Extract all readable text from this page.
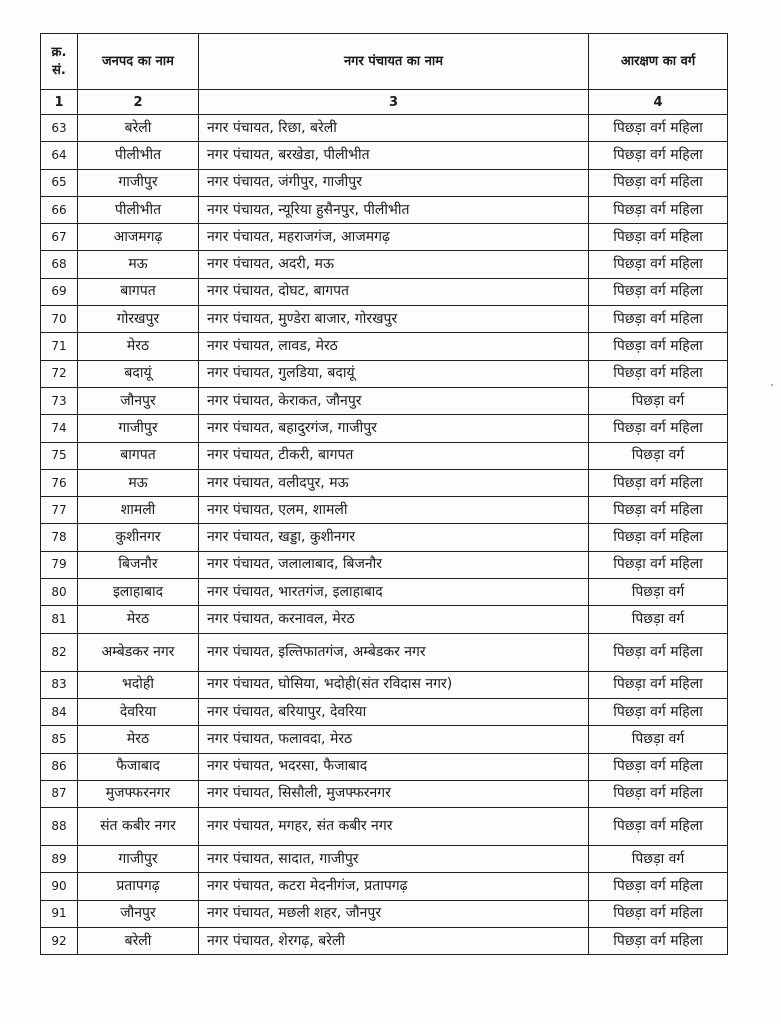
क्र. सं.	जनपद का नाम	नगर पंचायत का नाम	आरक्षण का वर्ग
1	2	3	4
63	बरेली	नगर पंचायत, रिछा, बरेली	पिछड़ा वर्ग महिला
64	पीलीभीत	नगर पंचायत, बरखेडा, पीलीभीत	पिछड़ा वर्ग महिला
65	गाजीपुर	नगर पंचायत, जंगीपुर, गाजीपुर	पिछड़ा वर्ग महिला
66	पीलीभीत	नगर पंचायत, न्यूरिया हुसैनपुर, पीलीभीत	पिछड़ा वर्ग महिला
67	आजमगढ़	नगर पंचायत, महराजगंज, आजमगढ़	पिछड़ा वर्ग महिला
68	मऊ	नगर पंचायत, अदरी, मऊ	पिछड़ा वर्ग महिला
69	बागपत	नगर पंचायत, दोघट, बागपत	पिछड़ा वर्ग महिला
70	गोरखपुर	नगर पंचायत, मुण्डेरा बाजार, गोरखपुर	पिछड़ा वर्ग महिला
71	मेरठ	नगर पंचायत, लावड, मेरठ	पिछड़ा वर्ग महिला
72	बदायूं	नगर पंचायत, गुलडिया, बदायूं	पिछड़ा वर्ग महिला
73	जौनपुर	नगर पंचायत, केराकत, जौनपुर	पिछड़ा वर्ग
74	गाजीपुर	नगर पंचायत, बहादुरगंज, गाजीपुर	पिछड़ा वर्ग महिला
75	बागपत	नगर पंचायत, टीकरी, बागपत	पिछड़ा वर्ग
76	मऊ	नगर पंचायत, वलीदपुर, मऊ	पिछड़ा वर्ग महिला
77	शामली	नगर पंचायत, एलम, शामली	पिछड़ा वर्ग महिला
78	कुशीनगर	नगर पंचायत, खड्डा, कुशीनगर	पिछड़ा वर्ग महिला
79	बिजनौर	नगर पंचायत, जलालाबाद, बिजनौर	पिछड़ा वर्ग महिला
80	इलाहाबाद	नगर पंचायत, भारतगंज, इलाहाबाद	पिछड़ा वर्ग
81	मेरठ	नगर पंचायत, करनावल, मेरठ	पिछड़ा वर्ग
82	अम्बेडकर नगर	नगर पंचायत, इल्तिफातगंज, अम्बेडकर नगर	पिछड़ा वर्ग महिला
83	भदोही	नगर पंचायत, घोसिया, भदोही(संत रविदास नगर)	पिछड़ा वर्ग महिला
84	देवरिया	नगर पंचायत, बरियापुर, देवरिया	पिछड़ा वर्ग महिला
85	मेरठ	नगर पंचायत, फलावदा, मेरठ	पिछड़ा वर्ग
86	फैजाबाद	नगर पंचायत, भदरसा, फैजाबाद	पिछड़ा वर्ग महिला
87	मुजफ्फरनगर	नगर पंचायत, सिसौली, मुजफ्फरनगर	पिछड़ा वर्ग महिला
88	संत कबीर नगर	नगर पंचायत, मगहर, संत कबीर नगर	पिछड़ा वर्ग महिला
89	गाजीपुर	नगर पंचायत, सादात, गाजीपुर	पिछड़ा वर्ग
90	प्रतापगढ़	नगर पंचायत, कटरा मेदनीगंज, प्रतापगढ़	पिछड़ा वर्ग महिला
91	जौनपुर	नगर पंचायत, मछली शहर, जौनपुर	पिछड़ा वर्ग महिला
92	बरेली	नगर पंचायत, शेरगढ़, बरेली	पिछड़ा वर्ग महिला
